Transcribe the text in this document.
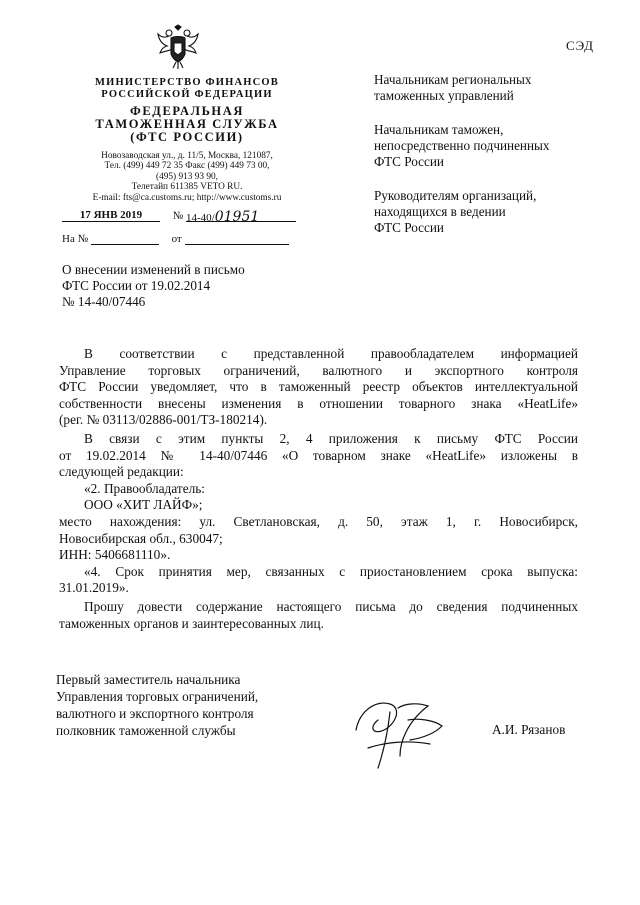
СЭД
МИНИСТЕРСТВО ФИНАНСОВ
РОССИЙСКОЙ ФЕДЕРАЦИИ
ФЕДЕРАЛЬНАЯ
ТАМОЖЕННАЯ СЛУЖБА
(ФТС РОССИИ)
Новозаводская ул., д. 11/5, Москва, 121087,
Тел. (499) 449 72 35 Факс (499) 449 73 00,
(495) 913 93 90,
Телетайп 611385 VETO RU.
E-mail: fts@ca.customs.ru; http://www.customs.ru
17 ЯНВ 2019	№ 14-40/01951
На №	от
Начальникам региональных
таможенных управлений
Начальникам таможен,
непосредственно подчиненных
ФТС России
Руководителям организаций,
находящихся в ведении
ФТС России
О внесении изменений в письмо
ФТС России от 19.02.2014
№ 14-40/07446
В соответствии с представленной правообладателем информацией
Управление торговых ограничений, валютного и экспортного контроля
ФТС России уведомляет, что в таможенный реестр объектов интеллектуальной
собственности внесены изменения в отношении товарного знака «HeatLife»
(рег. № 03113/02886-001/ТЗ-180214).
В связи с этим пункты 2, 4 приложения к письму ФТС России
от 19.02.2014 № 14-40/07446 «О товарном знаке «HeatLife» изложены в
следующей редакции:
«2. Правообладатель:
ООО «ХИТ ЛАЙФ»;
место нахождения: ул. Светлановская, д. 50, этаж 1, г. Новосибирск,
Новосибирская обл., 630047;
ИНН: 5406681110».
«4. Срок принятия мер, связанных с приостановлением срока выпуска:
31.01.2019».
Прошу довести содержание настоящего письма до сведения подчиненных
таможенных органов и заинтересованных лиц.
Первый заместитель начальника
Управления торговых ограничений,
валютного и экспортного контроля
полковник таможенной службы	А.И. Рязанов
